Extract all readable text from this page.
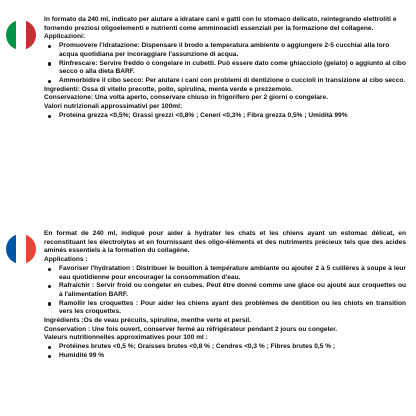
In formato da 240 ml, indicato per aiutare a idratare cani e gatti con lo stomaco delicato, reintegrando elettroliti e fornendo preziosi oligoelementi e nutrienti come amminoacidi essenziali per la formazione del collagene.

Applicazioni:

Promuovere l'idratazione: Dispensare il brodo a temperatura ambiente o aggiungere 2-5 cucchiai alla loro acqua quotidiana per incoraggiare l'assunzione di acqua.
Rinfrescare: Servire freddo o congelare in cubetti. Può essere dato come ghiacciolo (gelato) o aggiunto al cibo secco o alla dieta BARF.
Ammorbidire il cibo secco: Per aiutare i cani con problemi di dentizione o cuccioli in transizione al cibo secco.

Ingredienti: Ossa di vitello precotte, pollo, spirulina, menta verde e prezzemolo.

Conservazione: Una volta aperto, conservare chiuso in frigorifero per 2 giorni o congelare.

Valori nutrizionali approssimativi per 100ml:

Proteina grezza <0,5%; Grassi grezzi <0,8% ; Ceneri <0,3% ; Fibra grezza 0,5% ; Umidità 99%

En format de 240 ml, indiqué pour aider à hydrater les chats et les chiens ayant un estomac délicat, en reconstituant les électrolytes et en fournissant des oligo-éléments et des nutriments précieux tels que des acides aminés essentiels à la formation du collagène.

Applications :

Favoriser l'hydratation : Distribuer le bouillon à température ambiante ou ajouter 2 à 5 cuillères à soupe à leur eau quotidienne pour encourager la consommation d'eau.
Rafraîchir : Servir froid ou congeler en cubes. Peut être donné comme une glace ou ajouté aux croquettes ou à l'alimentation BARF.
Ramollir les croquettes : Pour aider les chiens ayant des problèmes de dentition ou les chiots en transition vers les croquettes.

Ingrédients :Os de veau précuits, spiruline, menthe verte et persil.

Conservation : Une fois ouvert, conserver fermé au réfrigérateur pendant 2 jours ou congeler.

Valeurs nutritionnelles approximatives pour 100 ml :

Protéines brutes <0,5 %; Graisses brutes <0,8 % ; Cendres <0,3 % ; Fibres brutes 0,5 % ;
Humidité 99 %
